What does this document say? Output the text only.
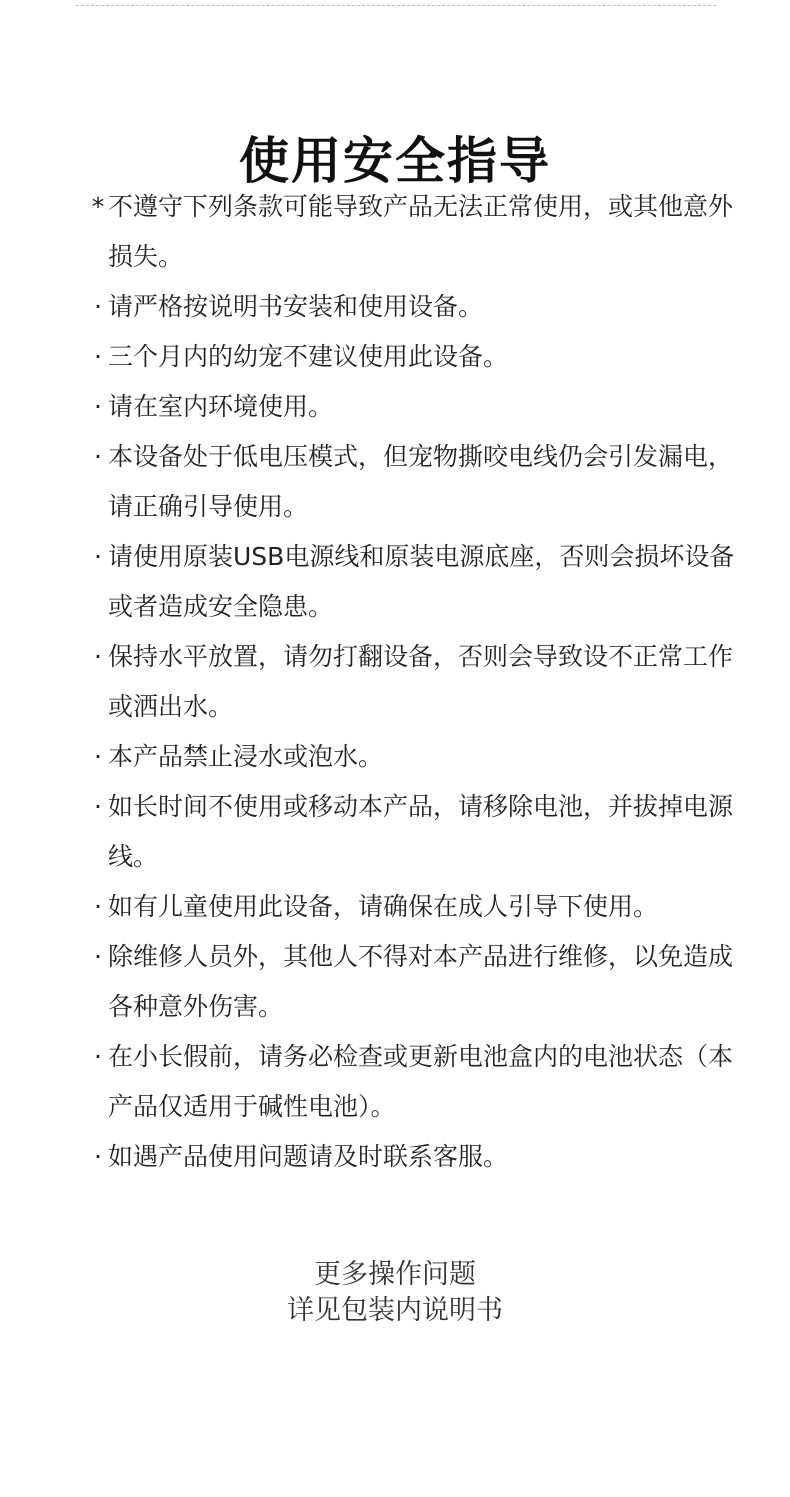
使用安全指导
* 不遵守下列条款可能导致产品无法正常使用，或其他意外损失。
· 请严格按说明书安装和使用设备。
· 三个月内的幼宠不建议使用此设备。
· 请在室内环境使用。
· 本设备处于低电压模式，但宠物撕咬电线仍会引发漏电，请正确引导使用。
· 请使用原装USB电源线和原装电源底座，否则会损坏设备或者造成安全隐患。
· 保持水平放置，请勿打翻设备，否则会导致设不正常工作或洒出水。
· 本产品禁止浸水或泡水。
· 如长时间不使用或移动本产品，请移除电池，并拔掉电源线。
· 如有儿童使用此设备，请确保在成人引导下使用。
· 除维修人员外，其他人不得对本产品进行维修，以免造成各种意外伤害。
· 在小长假前，请务必检查或更新电池盒内的电池状态（本产品仅适用于碱性电池）。
· 如遇产品使用问题请及时联系客服。
更多操作问题
详见包装内说明书
